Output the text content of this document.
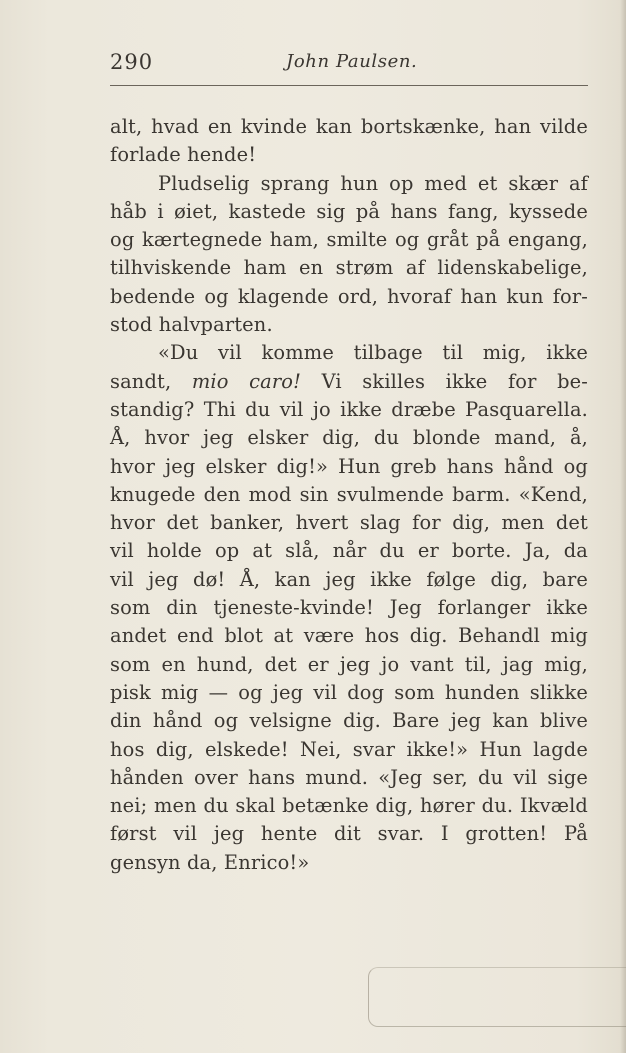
290	John Paulsen.
alt, hvad en kvinde kan bortskænke, han vilde
forlade hende!
Pludselig sprang hun op med et skær af
håb i øiet, kastede sig på hans fang, kyssede
og kærtegnede ham, smilte og gråt på engang,
tilhviskende ham en strøm af lidenskabelige,
bedende og klagende ord, hvoraf han kun for-
stod halvparten.
«Du vil komme tilbage til mig, ikke
sandt, mio caro! Vi skilles ikke for be-
standig? Thi du vil jo ikke dræbe Pasquarella.
Å, hvor jeg elsker dig, du blonde mand, å,
hvor jeg elsker dig!» Hun greb hans hånd og
knugede den mod sin svulmende barm. «Kend,
hvor det banker, hvert slag for dig, men det
vil holde op at slå, når du er borte. Ja, da
vil jeg dø! Å, kan jeg ikke følge dig, bare
som din tjeneste-kvinde! Jeg forlanger ikke
andet end blot at være hos dig. Behandl mig
som en hund, det er jeg jo vant til, jag mig,
pisk mig — og jeg vil dog som hunden slikke
din hånd og velsigne dig. Bare jeg kan blive
hos dig, elskede! Nei, svar ikke!» Hun lagde
hånden over hans mund. «Jeg ser, du vil sige
nei; men du skal betænke dig, hører du. Ikvæld
først vil jeg hente dit svar. I grotten! På
gensyn da, Enrico!»
